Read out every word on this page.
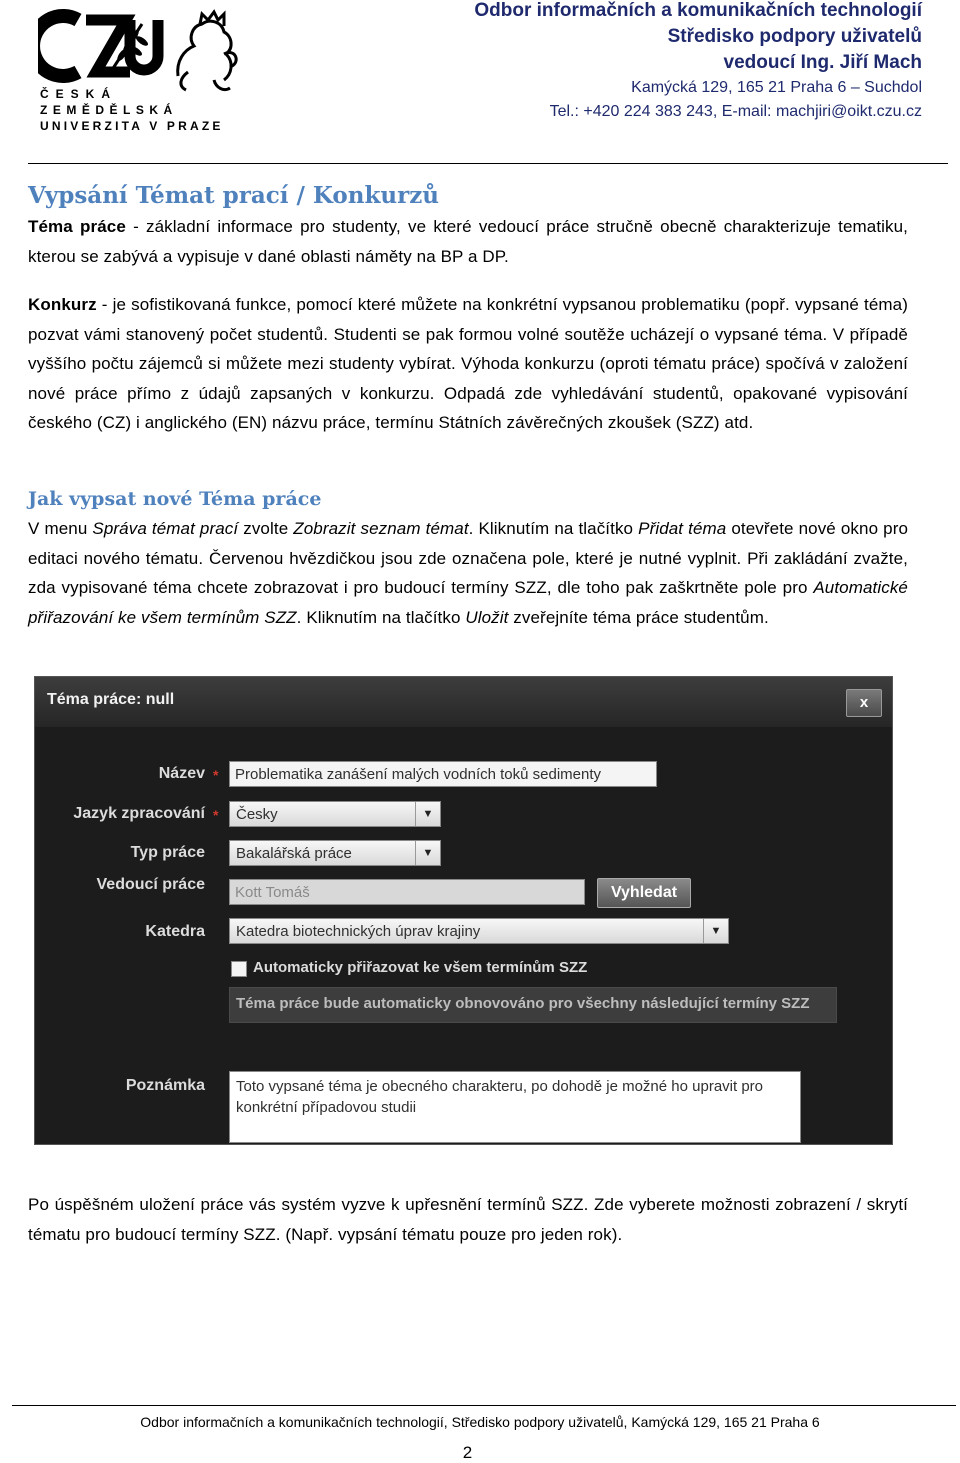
ČESKÁ
ZEMĚDĚLSKÁ
UNIVERZITA V PRAZE
Odbor informačních a komunikačních technologií
Středisko podpory uživatelů
vedoucí Ing. Jiří Mach
Kamýcká 129, 165 21 Praha 6 – Suchdol
Tel.: +420 224 383 243, E-mail: machjiri@oikt.czu.cz
Vypsání Témat prací / Konkurzů
Téma práce - základní informace pro studenty, ve které vedoucí práce stručně obecně charakterizuje tematiku, kterou se zabývá a vypisuje v dané oblasti náměty na BP a DP.
Konkurz - je sofistikovaná funkce, pomocí které můžete na konkrétní vypsanou problematiku (popř. vypsané téma) pozvat vámi stanovený počet studentů. Studenti se pak formou volné soutěže ucházejí o vypsané téma. V případě vyššího počtu zájemců si můžete mezi studenty vybírat. Výhoda konkurzu (oproti tématu práce) spočívá v založení nové práce přímo z údajů zapsaných v konkurzu. Odpadá zde vyhledávání studentů, opakované vypisování českého (CZ) i anglického (EN) názvu práce, termínu Státních závěrečných zkoušek (SZZ) atd.
Jak vypsat nové Téma práce
V menu Správa témat prací zvolte Zobrazit seznam témat. Kliknutím na tlačítko Přidat téma otevřete nové okno pro editaci nového tématu. Červenou hvězdičkou jsou zde označena pole, které je nutné vyplnit. Při zakládání zvažte, zda vypisované téma chcete zobrazovat i pro budoucí termíny SZZ, dle toho pak zaškrtněte pole pro Automatické přiřazování ke všem termínům SZZ. Kliknutím na tlačítko Uložit zveřejníte téma práce studentům.
Téma práce: null	x
Název *	Problematika zanášení malých vodních toků sedimenty
Jazyk zpracování *	Česky	▼
Typ práce	Bakalářská práce	▼
Vedoucí práce	Kott Tomáš	Vyhledat
Katedra	Katedra biotechnických úprav krajiny	▼
Automaticky přiřazovat ke všem termínům SZZ
Téma práce bude automaticky obnovováno pro všechny následující termíny SZZ
Poznámka	Toto vypsané téma je obecného charakteru, po dohodě je možné ho upravit pro konkrétní případovou studii
Po úspěšném uložení práce vás systém vyzve k upřesnění termínů SZZ. Zde vyberete možnosti zobrazení / skrytí tématu pro budoucí termíny SZZ. (Např. vypsání tématu pouze pro jeden rok).
Odbor informačních a komunikačních technologií, Středisko podpory uživatelů, Kamýcká 129, 165 21 Praha 6
2
